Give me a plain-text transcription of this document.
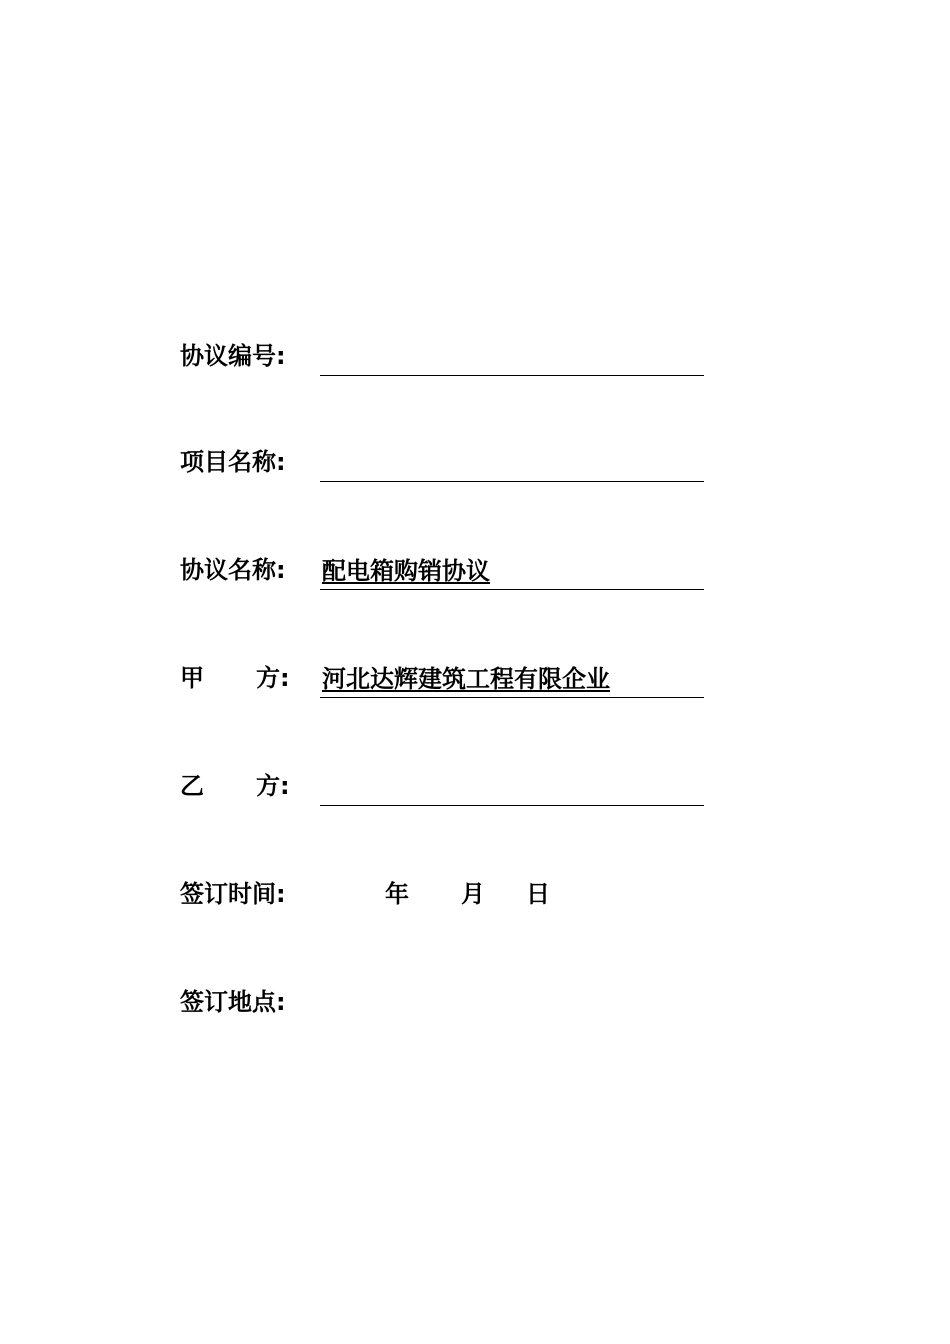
协议编号:
项目名称:
协议名称: 配电箱购销协议
甲 方: 河北达辉建筑工程有限企业
乙 方:
签订时间:	年 月 日
签订地点:
